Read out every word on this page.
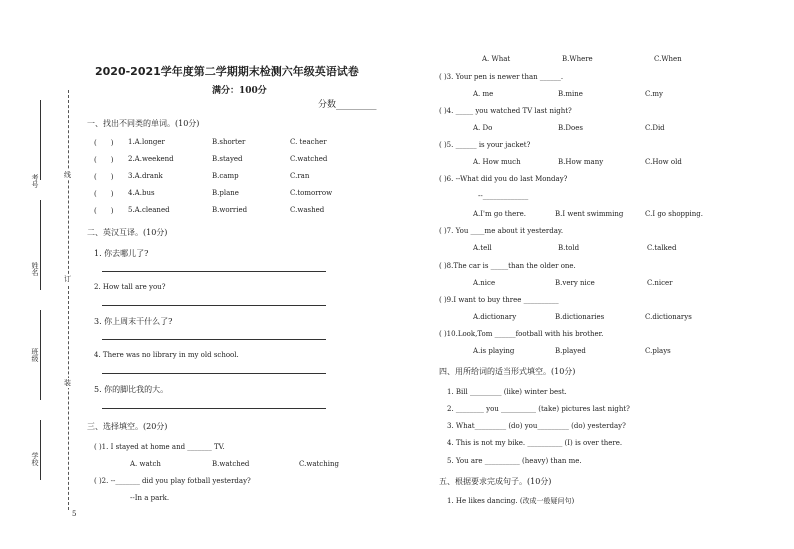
考号
姓名
班级
学校
线
订
装
5
2020-2021学年度第二学期期末检测六年级英语试卷
满分：100分
分数_________
一、找出不同类的单词。(10分)
(　　) 1.A.longer	B.shorter	C. teacher
(　　) 2.A.weekend	B.stayed	C.watched
(　　) 3.A.drank	B.camp	C.ran
(　　) 4.A.bus	B.plane	C.tomorrow
(　　) 5.A.cleaned	B.worried	C.washed
二、英汉互译。(10分)
1. 你去哪儿了?
2. How tall are you?
3. 你上周末干什么了?
4. There was no library in my old school.
5. 你的脚比我的大。
三、选择填空。(20分)
( )1. I stayed at home and _______ TV.
A. watch	B.watched	C.watching
( )2. --_______ did you play fotball yesterday?
--In a park.
A. What	B.Where	C.When
( )3. Your pen is newer than ______.
A. me	B.mine	C.my
( )4. _____ you watched TV last night?
A. Do	B.Does	C.Did
( )5. ______ is your jacket?
A. How much	B.How many	C.How old
( )6. --What did you do last Monday?
--_____________
A.I'm go there.	B.I went swimming	C.I go shopping.
( )7. You ____me about it yesterday.
A.tell	B.told	C.talked
( )8.The car is _____than the older one.
A.nice	B.very nice	C.nicer
( )9.I want to buy three __________
A.dictionary	B.dictionaries	C.dictionarys
( )10.Look,Tom ______football with his brother.
A.is playing	B.played	C.plays
四、用所给词的适当形式填空。(10分)
1. Bill _________ (like) winter best.
2. ________ you __________ (take) pictures last night?
3. What_________ (do) you_________ (do) yesterday?
4. This is not my bike. __________ (I) is over there.
5. You are __________ (heavy) than me.
五、根据要求完成句子。(10分)
1. He likes dancing. (改成一般疑问句)
